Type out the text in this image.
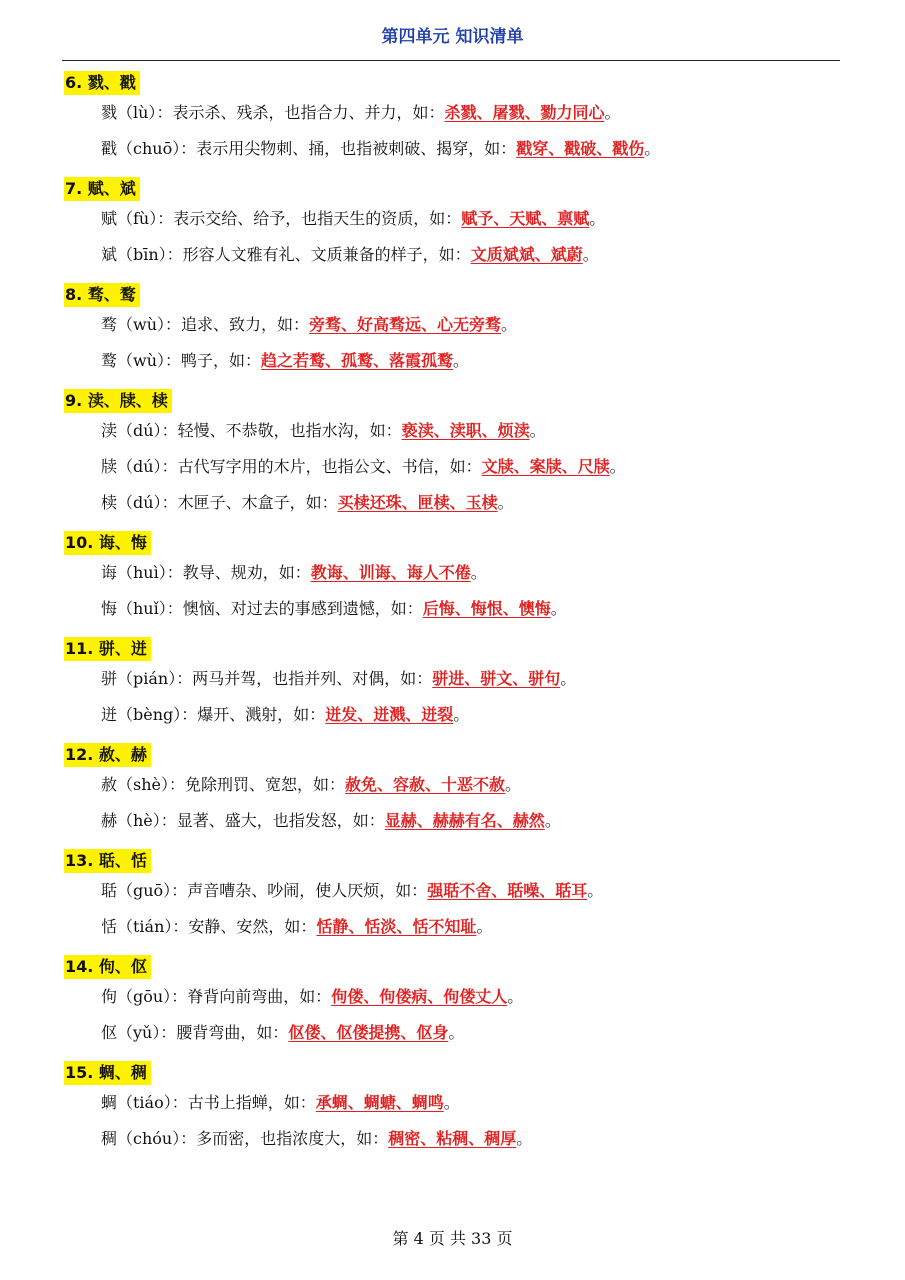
第四单元 知识清单
6. 戮、戳
戮（lù）：表示杀、残杀，也指合力、并力，如：杀戮、屠戮、勠力同心。
戳（chuō）：表示用尖物刺、捅，也指被刺破、揭穿，如：戳穿、戳破、戳伤。
7. 赋、斌
赋（fù）：表示交给、给予，也指天生的资质，如：赋予、天赋、禀赋。
斌（bīn）：形容人文雅有礼、文质兼备的样子，如：文质斌斌、斌蔚。
8. 骛、鹜
骛（wù）：追求、致力，如：旁骛、好高骛远、心无旁骛。
鹜（wù）：鸭子，如：趋之若鹜、孤鹜、落霞孤鹜。
9. 渎、牍、椟
渎（dú）：轻慢、不恭敬，也指水沟，如：亵渎、渎职、烦渎。
牍（dú）：古代写字用的木片，也指公文、书信，如：文牍、案牍、尺牍。
椟（dú）：木匣子、木盒子，如：买椟还珠、匣椟、玉椟。
10. 诲、悔
诲（huì）：教导、规劝，如：教诲、训诲、诲人不倦。
悔（huǐ）：懊恼、对过去的事感到遗憾，如：后悔、悔恨、懊悔。
11. 骈、迸
骈（pián）：两马并驾，也指并列、对偶，如：骈进、骈文、骈句。
迸（bèng）：爆开、溅射，如：迸发、迸溅、迸裂。
12. 赦、赫
赦（shè）：免除刑罚、宽恕，如：赦免、容赦、十恶不赦。
赫（hè）：显著、盛大，也指发怒，如：显赫、赫赫有名、赫然。
13. 聒、恬
聒（guō）：声音嘈杂、吵闹，使人厌烦，如：强聒不舍、聒噪、聒耳。
恬（tián）：安静、安然，如：恬静、恬淡、恬不知耻。
14. 佝、伛
佝（gōu）：脊背向前弯曲，如：佝偻、佝偻病、佝偻丈人。
伛（yǔ）：腰背弯曲，如：伛偻、伛偻提携、伛身。
15. 蜩、稠
蜩（tiáo）：古书上指蝉，如：承蜩、蜩螗、蜩鸣。
稠（chóu）：多而密，也指浓度大，如：稠密、粘稠、稠厚。
第 4 页 共 33 页
